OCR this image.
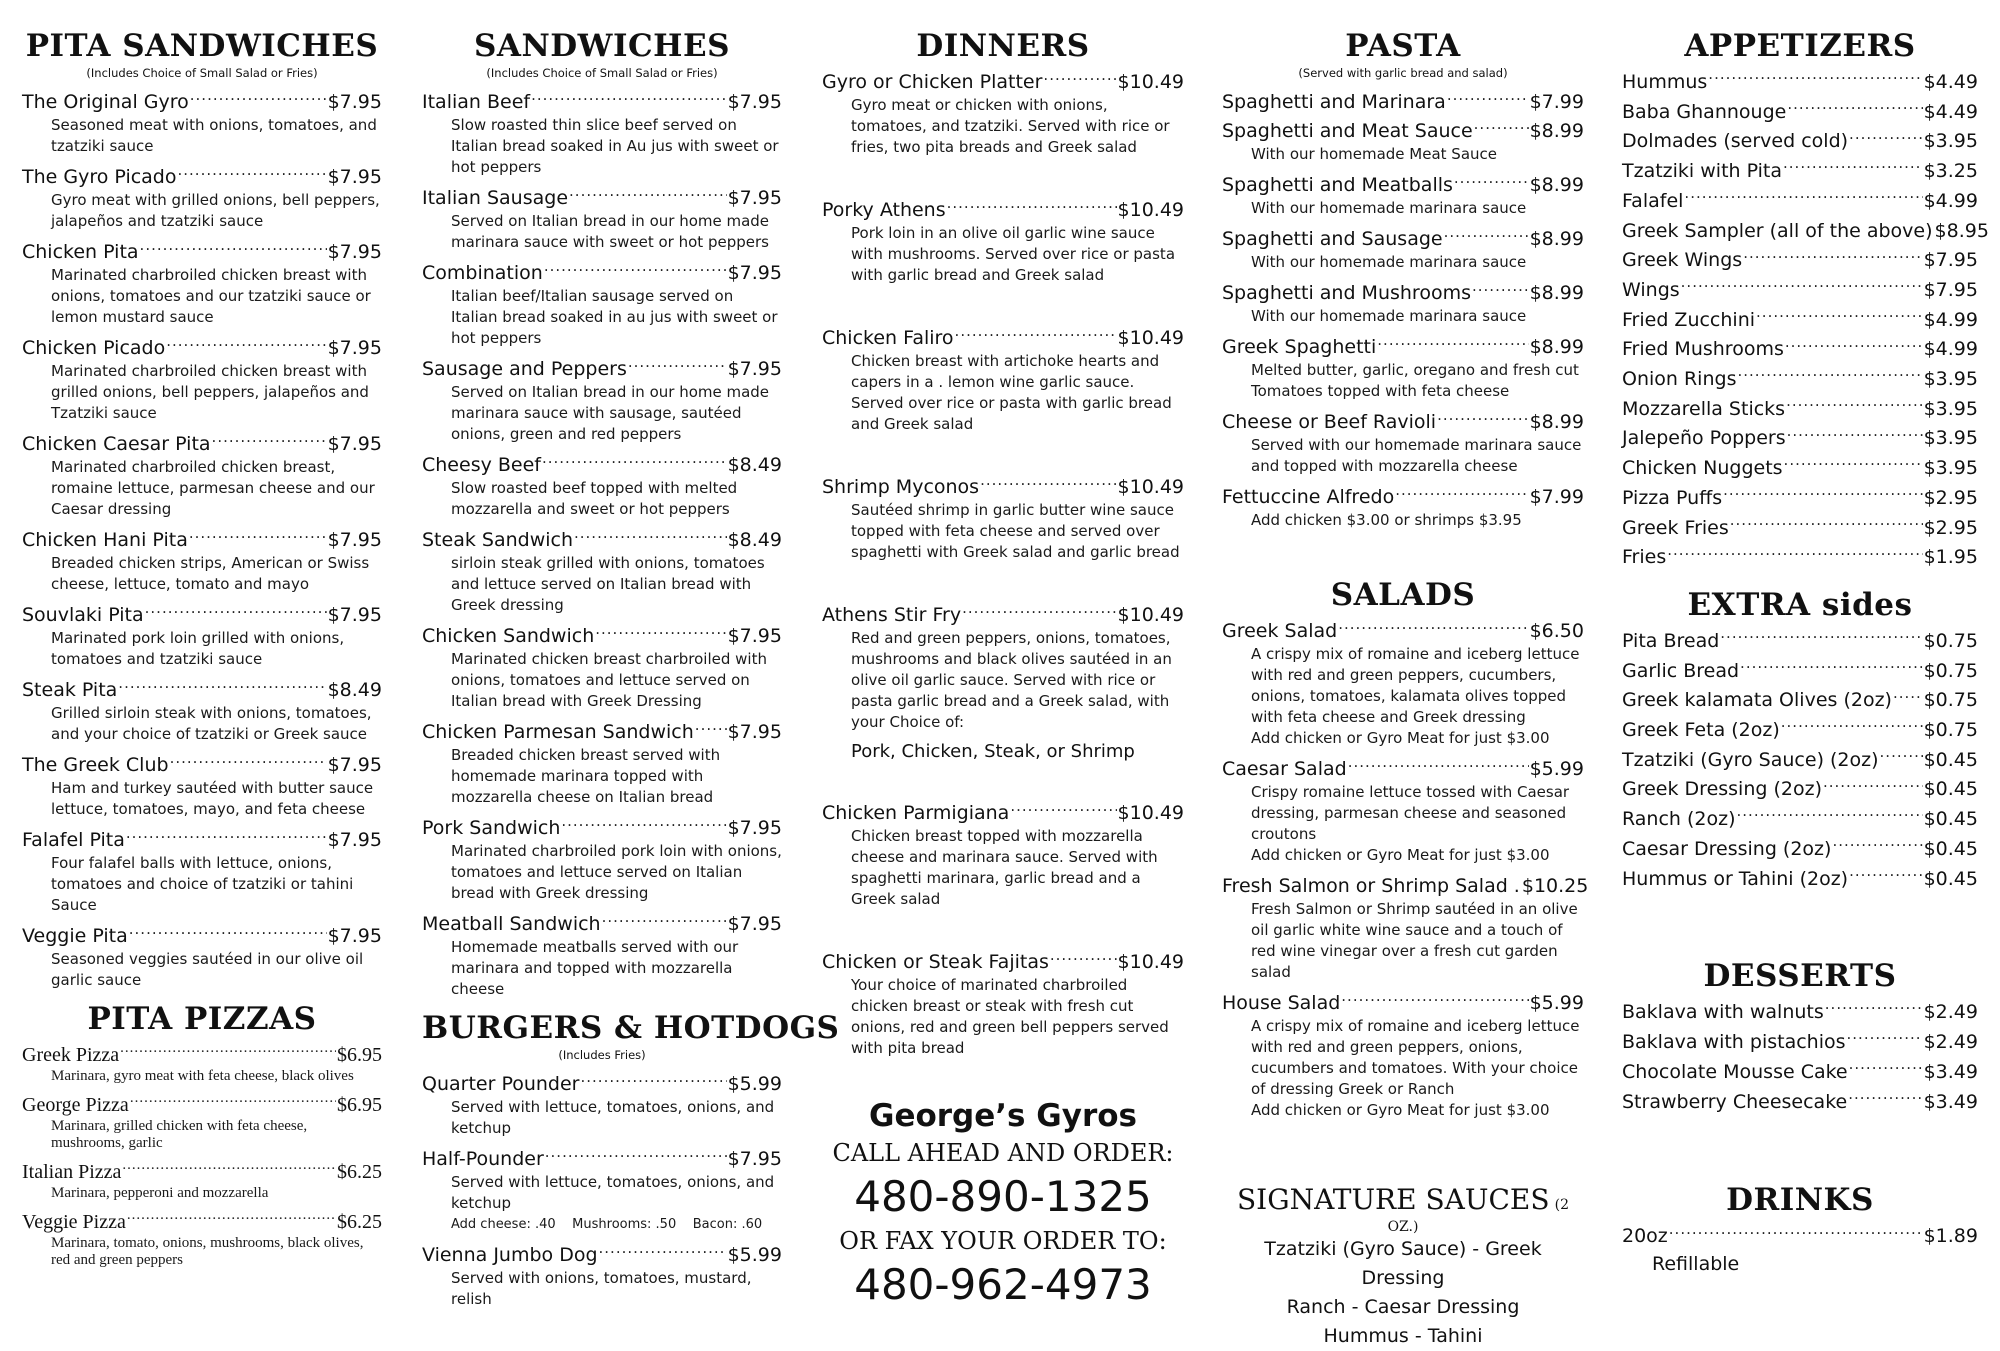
PITA SANDWICHES
(Includes Choice of Small Salad or Fries)
The Original Gyro .....	$7.95
Seasoned meat with onions, tomatoes, and tzatziki sauce
The Gyro Picado .....	$7.95
Gyro meat with grilled onions, bell peppers, jalapeños and tzatziki sauce
Chicken Pita .....	$7.95
Marinated charbroiled chicken breast with onions, tomatoes and our tzatziki sauce or lemon mustard sauce
Chicken Picado .....	$7.95
Marinated charbroiled chicken breast with grilled onions, bell peppers, jalapeños and Tzatziki sauce
Chicken Caesar Pita .....	$7.95
Marinated charbroiled chicken breast, romaine lettuce, parmesan cheese and our Caesar dressing
Chicken Hani Pita .....	$7.95
Breaded chicken strips, American or Swiss cheese, lettuce, tomato and mayo
Souvlaki Pita .....	$7.95
Marinated pork loin grilled with onions, tomatoes and tzatziki sauce
Steak Pita .....	$8.49
Grilled sirloin steak with onions, tomatoes, and your choice of tzatziki or Greek sauce
The Greek Club .....	$7.95
Ham and turkey sautéed with butter sauce lettuce, tomatoes, mayo, and feta cheese
Falafel Pita .....	$7.95
Four falafel balls with lettuce, onions, tomatoes and choice of tzatziki or tahini Sauce
Veggie Pita .....	$7.95
Seasoned veggies sautéed in our olive oil garlic sauce
PITA PIZZAS
Greek Pizza .....	$6.95
Marinara, gyro meat with feta cheese, black olives
George Pizza .....	$6.95
Marinara, grilled chicken with feta cheese, mushrooms, garlic
Italian Pizza .....	$6.25
Marinara, pepperoni and mozzarella
Veggie Pizza .....	$6.25
Marinara, tomato, onions, mushrooms, black olives, red and green peppers
SANDWICHES
(Includes Choice of Small Salad or Fries)
Italian Beef .....	$7.95
Slow roasted thin slice beef served on Italian bread soaked in Au jus with sweet or hot peppers
Italian Sausage .....	$7.95
Served on Italian bread in our home made marinara sauce with sweet or hot peppers
Combination .....	$7.95
Italian beef/Italian sausage served on Italian bread soaked in au jus with sweet or hot peppers
Sausage and Peppers .....	$7.95
Served on Italian bread in our home made marinara sauce with sausage, sautéed onions, green and red peppers
Cheesy Beef .....	$8.49
Slow roasted beef topped with melted mozzarella and sweet or hot peppers
Steak Sandwich .....	$8.49
sirloin steak grilled with onions, tomatoes and lettuce served on Italian bread with Greek dressing
Chicken Sandwich .....	$7.95
Marinated chicken breast charbroiled with onions, tomatoes and lettuce served on Italian bread with Greek Dressing
Chicken Parmesan Sandwich ..... $7.95
Breaded chicken breast served with homemade marinara topped with mozzarella cheese on Italian bread
Pork Sandwich .....	$7.95
Marinated charbroiled pork loin with onions, tomatoes and lettuce served on Italian bread with Greek dressing
Meatball Sandwich .....	$7.95
Homemade meatballs served with our marinara and topped with mozzarella cheese
BURGERS & HOTDOGS
(Includes Fries)
Quarter Pounder .....	$5.99
Served with lettuce, tomatoes, onions, and ketchup
Half-Pounder .....	$7.95
Served with lettuce, tomatoes, onions, and ketchup
Add cheese: .40    Mushrooms: .50    Bacon: .60
Vienna Jumbo Dog .....	$5.99
Served with onions, tomatoes, mustard, relish
DINNERS
Gyro or Chicken Platter .....	$10.49
Gyro meat or chicken with onions, tomatoes, and tzatziki. Served with rice or fries, two pita breads and Greek salad
Porky Athens .....	$10.49
Pork loin in an olive oil garlic wine sauce with mushrooms. Served over rice or pasta with garlic bread and Greek salad
Chicken Faliro .....	$10.49
Chicken breast with artichoke hearts and capers in a . lemon wine garlic sauce. Served over rice or pasta with garlic bread and Greek salad
Shrimp Myconos .....	$10.49
Sautéed shrimp in garlic butter wine sauce topped with feta cheese and served over spaghetti with Greek salad and garlic bread
Athens Stir Fry .....	$10.49
Red and green peppers, onions, tomatoes, mushrooms and black olives sautéed in an olive oil garlic sauce. Served with rice or pasta garlic bread and a Greek salad, with your Choice of:
Pork, Chicken, Steak, or Shrimp
Chicken Parmigiana .....	$10.49
Chicken breast topped with mozzarella cheese and marinara sauce. Served with spaghetti marinara, garlic bread and a Greek salad
Chicken or Steak Fajitas .....	$10.49
Your choice of marinated charbroiled chicken breast or steak with fresh cut onions, red and green bell peppers served with pita bread
George’s Gyros
CALL AHEAD AND ORDER:
480-890-1325
OR FAX YOUR ORDER TO:
480-962-4973
PASTA
(Served with garlic bread and salad)
Spaghetti and Marinara .....	$7.99
Spaghetti and Meat Sauce .....	$8.99
With our homemade Meat Sauce
Spaghetti and Meatballs .....	$8.99
With our homemade marinara sauce
Spaghetti and Sausage .....	$8.99
With our homemade marinara sauce
Spaghetti and Mushrooms .....	$8.99
With our homemade marinara sauce
Greek Spaghetti .....	$8.99
Melted butter, garlic, oregano and fresh cut Tomatoes topped with feta cheese
Cheese or Beef Ravioli .....	$8.99
Served with our homemade marinara sauce and topped with mozzarella cheese
Fettuccine Alfredo .....	$7.99
Add chicken $3.00 or shrimps $3.95
SALADS
Greek Salad .....	$6.50
A crispy mix of romaine and iceberg lettuce with red and green peppers, cucumbers, onions, tomatoes, kalamata olives topped with feta cheese and Greek dressing
Add chicken or Gyro Meat for just $3.00
Caesar Salad .....	$5.99
Crispy romaine lettuce tossed with Caesar dressing, parmesan cheese and seasoned croutons
Add chicken or Gyro Meat for just $3.00
Fresh Salmon or Shrimp Salad . $10.25
Fresh Salmon or Shrimp sautéed in an olive oil garlic white wine sauce and a touch of red wine vinegar over a fresh cut garden salad
House Salad .....	$5.99
A crispy mix of romaine and iceberg lettuce with red and green peppers, onions, cucumbers and tomatoes. With your choice of dressing Greek or Ranch
Add chicken or Gyro Meat for just $3.00
SIGNATURE SAUCES (2 OZ.)
Tzatziki (Gyro Sauce) - Greek Dressing
Ranch - Caesar Dressing
Hummus - Tahini
APPETIZERS
Hummus .....	$4.49
Baba Ghannouge .....	$4.49
Dolmades (served cold) .....	$3.95
Tzatziki with Pita .....	$3.25
Falafel .....	$4.99
Greek Sampler (all of the above) $8.95
Greek Wings .....	$7.95
Wings .....	$7.95
Fried Zucchini .....	$4.99
Fried Mushrooms .....	$4.99
Onion Rings .....	$3.95
Mozzarella Sticks .....	$3.95
Jalepeño Poppers .....	$3.95
Chicken Nuggets .....	$3.95
Pizza Puffs .....	$2.95
Greek Fries .....	$2.95
Fries .....	$1.95
EXTRA sides
Pita Bread .....	$0.75
Garlic Bread .....	$0.75
Greek kalamata Olives (2oz) ..... $0.75
Greek Feta (2oz) .....	$0.75
Tzatziki (Gyro Sauce) (2oz) ..... $0.45
Greek Dressing (2oz) .....	$0.45
Ranch (2oz) .....	$0.45
Caesar Dressing (2oz) .....	$0.45
Hummus or Tahini (2oz) .....	$0.45
DESSERTS
Baklava with walnuts .....	$2.49
Baklava with pistachios .....	$2.49
Chocolate Mousse Cake .....	$3.49
Strawberry Cheesecake .....	$3.49
DRINKS
20oz .....	$1.89
Refillable
